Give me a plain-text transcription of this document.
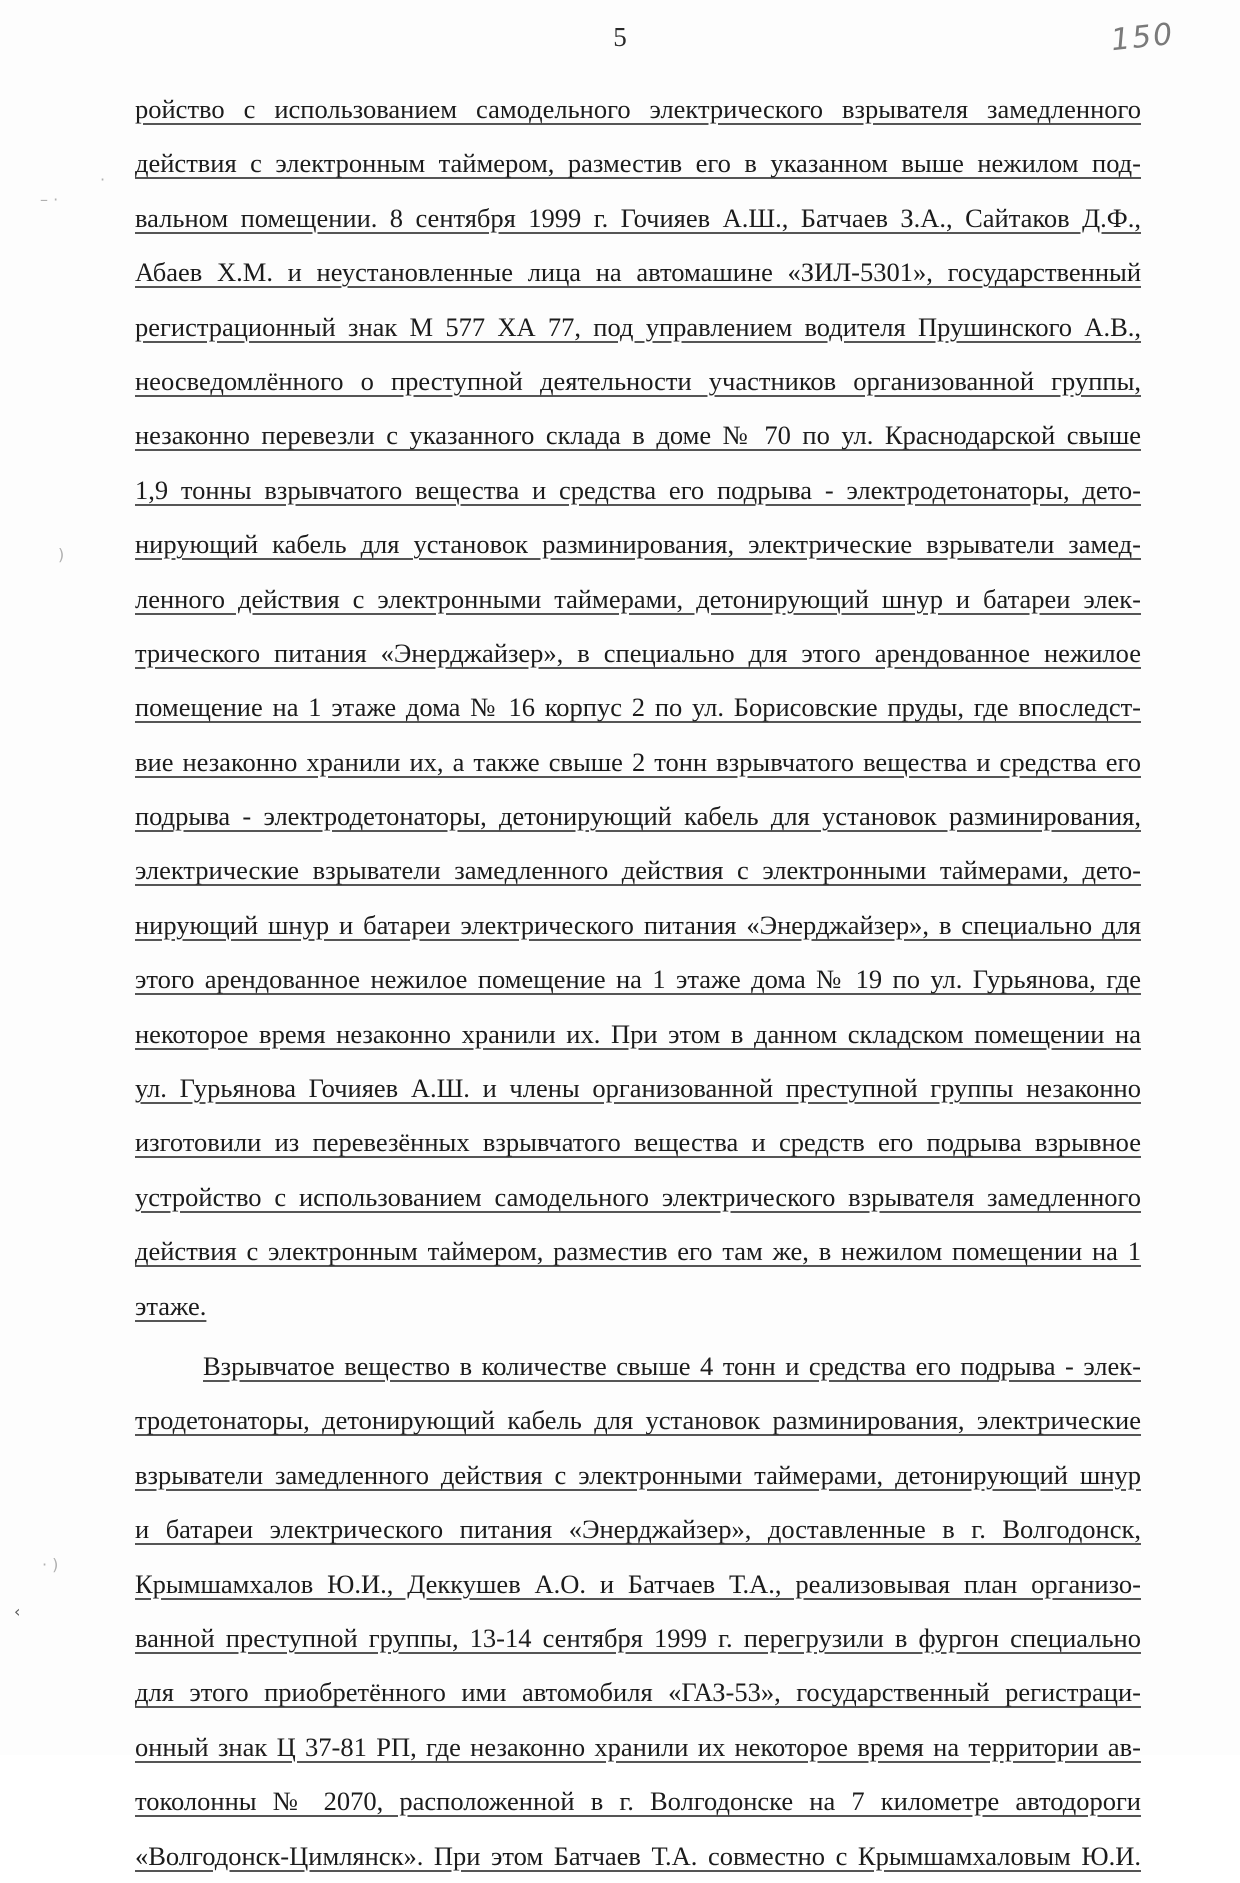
5	150
·
– ·
)
· )
‹
ройство с использованием самодельного электрического взрывателя замедленного
действия с электронным таймером, разместив его в указанном выше нежилом под-
вальном помещении. 8 сентября 1999 г. Гочияев А.Ш., Батчаев З.А., Сайтаков Д.Ф.,
Абаев Х.М. и неустановленные лица на автомашине «ЗИЛ-5301», государственный
регистрационный знак М 577 ХА 77, под управлением водителя Прушинского А.В.,
неосведомлённого о преступной деятельности участников организованной группы,
незаконно перевезли с указанного склада в доме № 70 по ул. Краснодарской свыше
1,9 тонны взрывчатого вещества и средства его подрыва - электродетонаторы, дето-
нирующий кабель для установок разминирования, электрические взрыватели замед-
ленного действия с электронными таймерами, детонирующий шнур и батареи элек-
трического питания «Энерджайзер», в специально для этого арендованное нежилое
помещение на 1 этаже дома № 16 корпус 2 по ул. Борисовские пруды, где впоследст-
вие незаконно хранили их, а также свыше 2 тонн взрывчатого вещества и средства его
подрыва - электродетонаторы, детонирующий кабель для установок разминирования,
электрические взрыватели замедленного действия с электронными таймерами, дето-
нирующий шнур и батареи электрического питания «Энерджайзер», в специально для
этого арендованное нежилое помещение на 1 этаже дома № 19 по ул. Гурьянова, где
некоторое время незаконно хранили их. При этом в данном складском помещении на
ул. Гурьянова Гочияев А.Ш. и члены организованной преступной группы незаконно
изготовили из перевезённых взрывчатого вещества и средств его подрыва взрывное
устройство с использованием самодельного электрического взрывателя замедленного
действия с электронным таймером, разместив его там же, в нежилом помещении на 1
этаже.
Взрывчатое вещество в количестве свыше 4 тонн и средства его подрыва - элек-
тродетонаторы, детонирующий кабель для установок разминирования, электрические
взрыватели замедленного действия с электронными таймерами, детонирующий шнур
и батареи электрического питания «Энерджайзер», доставленные в г. Волгодонск,
Крымшамхалов Ю.И., Деккушев А.О. и Батчаев Т.А., реализовывая план организо-
ванной преступной группы, 13-14 сентября 1999 г. перегрузили в фургон специально
для этого приобретённого ими автомобиля «ГАЗ-53», государственный регистраци-
онный знак Ц 37-81 РП, где незаконно хранили их некоторое время на территории ав-
токолонны № 2070, расположенной в г. Волгодонске на 7 километре автодороги
«Волгодонск-Цимлянск». При этом Батчаев Т.А. совместно с Крымшамхаловым Ю.И.
